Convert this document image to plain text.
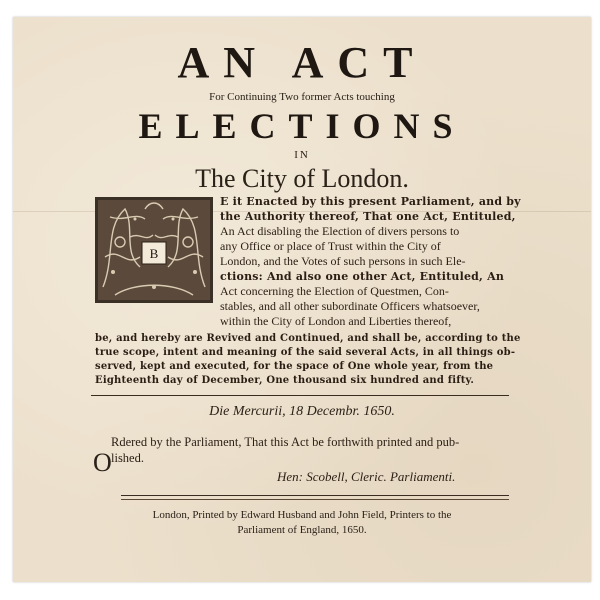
AN ACT
For Continuing Two former Acts touching
ELECTIONS
IN
The City of London.
B
E it Enacted by this present Parliament, and by
the Authority thereof, That one Act, Entituled,
An Act disabling the Election of divers persons to
any Office or place of Trust within the City of
London, and the Votes of such persons in such Ele-
ctions: And also one other Act, Entituled, An
Act concerning the Election of Questmen, Con-
stables, and all other subordinate Officers whatsoever,
within the City of London and Liberties thereof,
be, and hereby are Revived and Continued, and shall be, according to the
true scope, intent and meaning of the said several Acts, in all things ob-
served, kept and executed, for the space of One whole year, from the
Eighteenth day of December, One thousand six hundred and fifty.
Die Mercurii, 18 Decembr. 1650.
O
Rdered by the Parliament, That this Act be forthwith printed and pub-
lished.
Hen: Scobell, Cleric. Parliamenti.
London, Printed by Edward Husband and John Field, Printers to the
Parliament of England, 1650.
